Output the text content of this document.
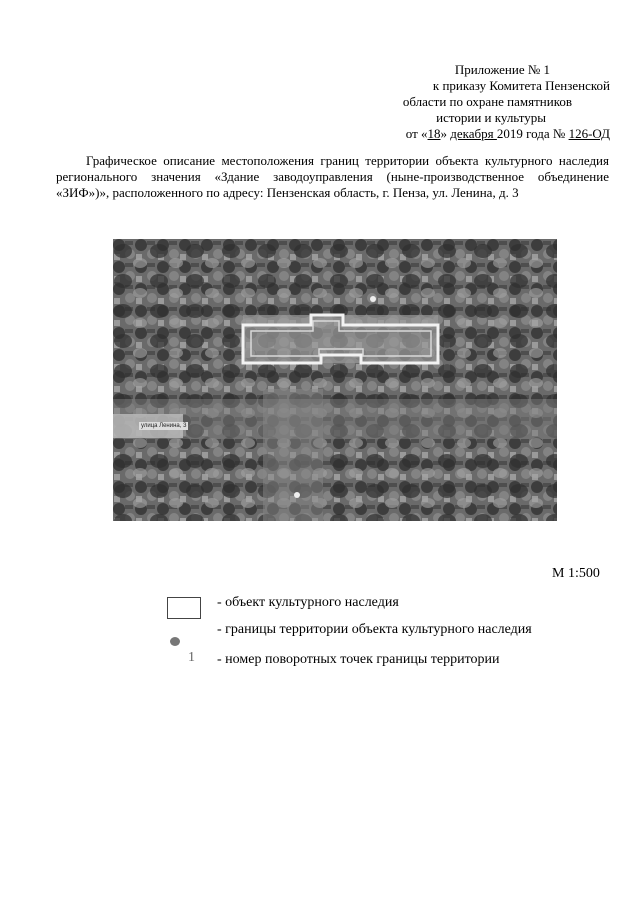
Приложение № 1
к приказу Комитета Пензенской
области по охране памятников
истории и культуры
от «18» декабря 2019 года № 126-ОД
Графическое описание местоположения границ территории объекта культурного наследия регионального значения «Здание заводоуправления (ныне-производственное объединение «ЗИФ»)», расположенного по адресу: Пензенская область, г. Пенза, ул. Ленина, д. 3
улица Ленина, 3
М 1:500
- объект культурного наследия
- границы территории объекта культурного наследия
1 - номер поворотных точек границы территории
